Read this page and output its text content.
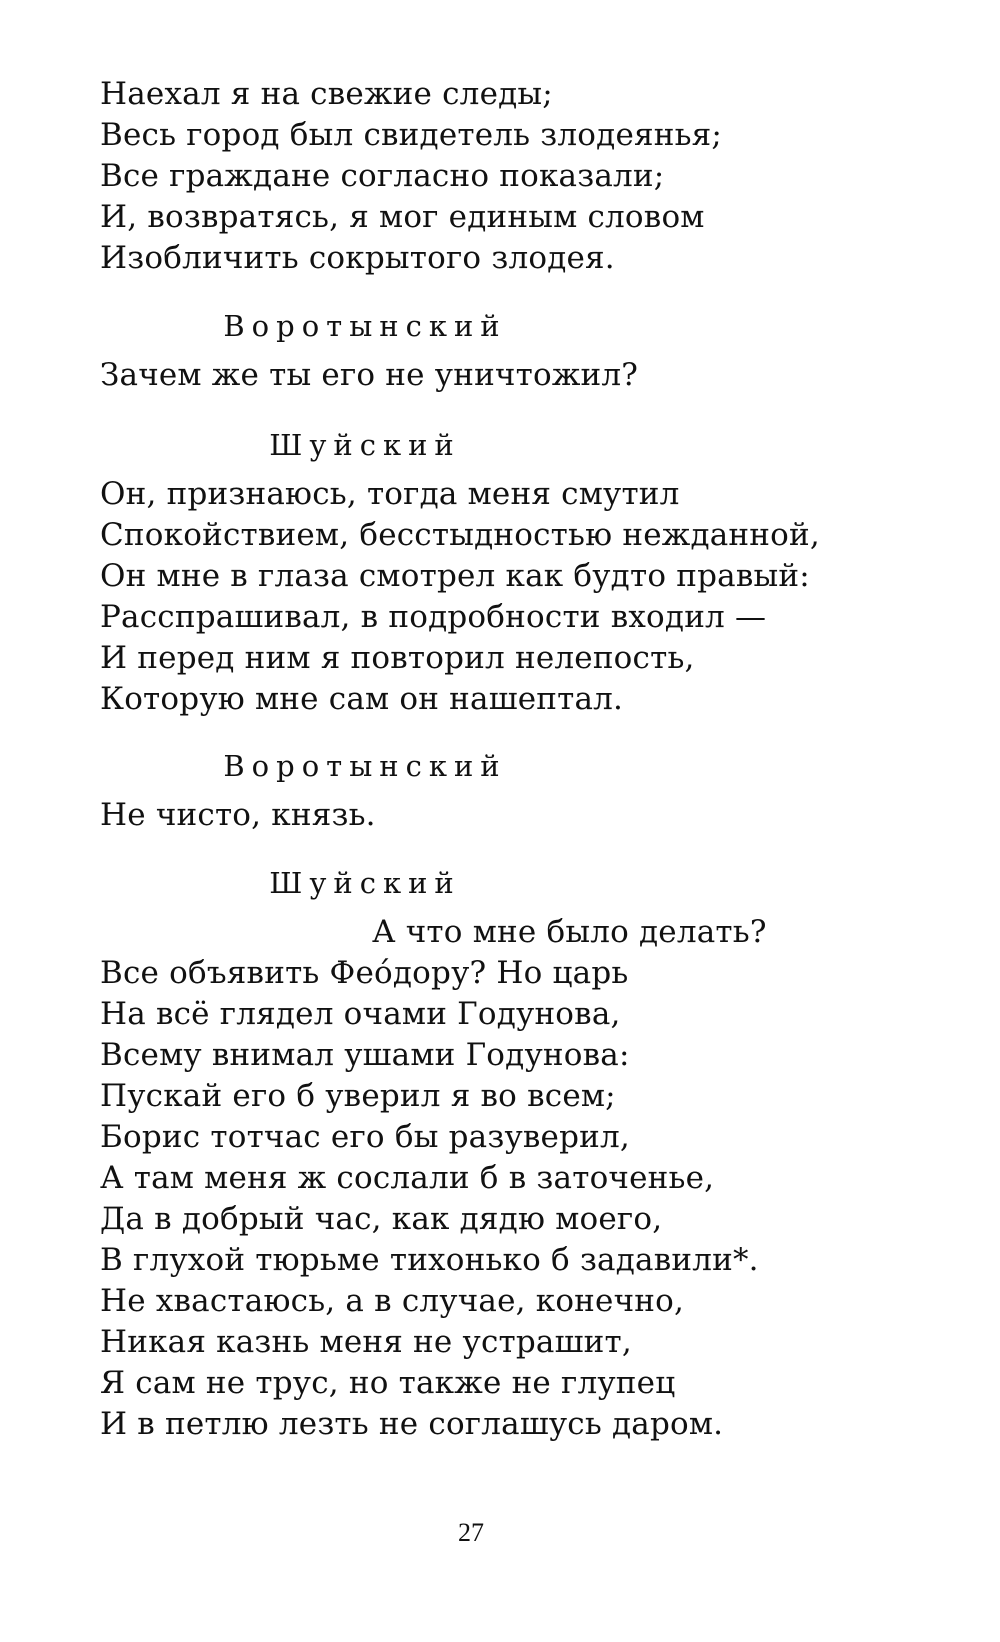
Наехал я на свежие следы;
Весь город был свидетель злодеянья;
Все граждане согласно показали;
И, возвратясь, я мог единым словом
Изобличить сокрытого злодея.
Воротынский
Зачем же ты его не уничтожил?
Шуйский
Он, признаюсь, тогда меня смутил
Спокойствием, бесстыдностью нежданной,
Он мне в глаза смотрел как будто правый:
Расспрашивал, в подробности входил —
И перед ним я повторил нелепость,
Которую мне сам он нашептал.
Воротынский
Не чисто, князь.
Шуйский
А что мне было делать?
Все объявить Феóдору? Но царь
На всё глядел очами Годунова,
Всему внимал ушами Годунова:
Пускай его б уверил я во всем;
Борис тотчас его бы разуверил,
А там меня ж сослали б в заточенье,
Да в добрый час, как дядю моего,
В глухой тюрьме тихонько б задавили*.
Не хвастаюсь, а в случае, конечно,
Никая казнь меня не устрашит,
Я сам не трус, но также не глупец
И в петлю лезть не соглашусь даром.
27
